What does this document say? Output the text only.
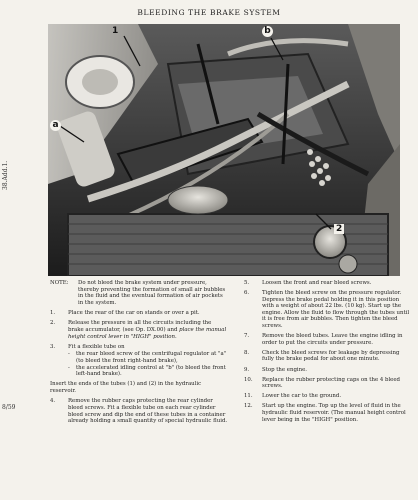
BLEEDING THE BRAKE SYSTEM
38.Add.1.
8/59
1	b
a
2
NOTE:	Do not bleed the brake system under pressure, thereby preventing the formation of small air bubbles in the fluid and the eventual formation of air pockets in the system.
1.	Place the rear of the car on stands or over a pit.
2.	Release the pressure in all the circuits including the brake accumulator, (see Op. DX.00) and place the manual height control lever in "HIGH" position.
3.	Fit a flexible tube on
-	the rear bleed screw of the centrifugal regulator at "a" (to bleed the front right-hand brake),
-	the accelerated idling control at "b" (to bleed the front left-hand brake).
Insert the ends of the tubes (1) and (2) in the hydraulic reservoir.
4.	Remove the rubber caps protecting the rear cylinder bleed screws. Fit a flexible tube on each rear cylinder bleed screw and dip the end of these tubes in a container already holding a small quantity of special hydraulic fluid.
5.	Loosen the front and rear bleed screws.
6.	Tighten the bleed screw on the pressure regulator. Depress the brake pedal holding it in this position with a weight of about 22 lbs. (10 kg). Start up the engine. Allow the fluid to flow through the tubes until it is free from air bubbles. Then tighten the bleed screws.
7.	Remove the bleed tubes. Leave the engine idling in order to put the circuits under pressure.
8.	Check the bleed screws for leakage by depressing fully the brake pedal for about one minute.
9.	Stop the engine.
10.	Replace the rubber protecting caps on the 4 bleed screws.
11.	Lower the car to the ground.
12.	Start up the engine. Top up the level of fluid in the hydraulic fluid reservoir. (The manual height control lever being in the "HIGH" position.
